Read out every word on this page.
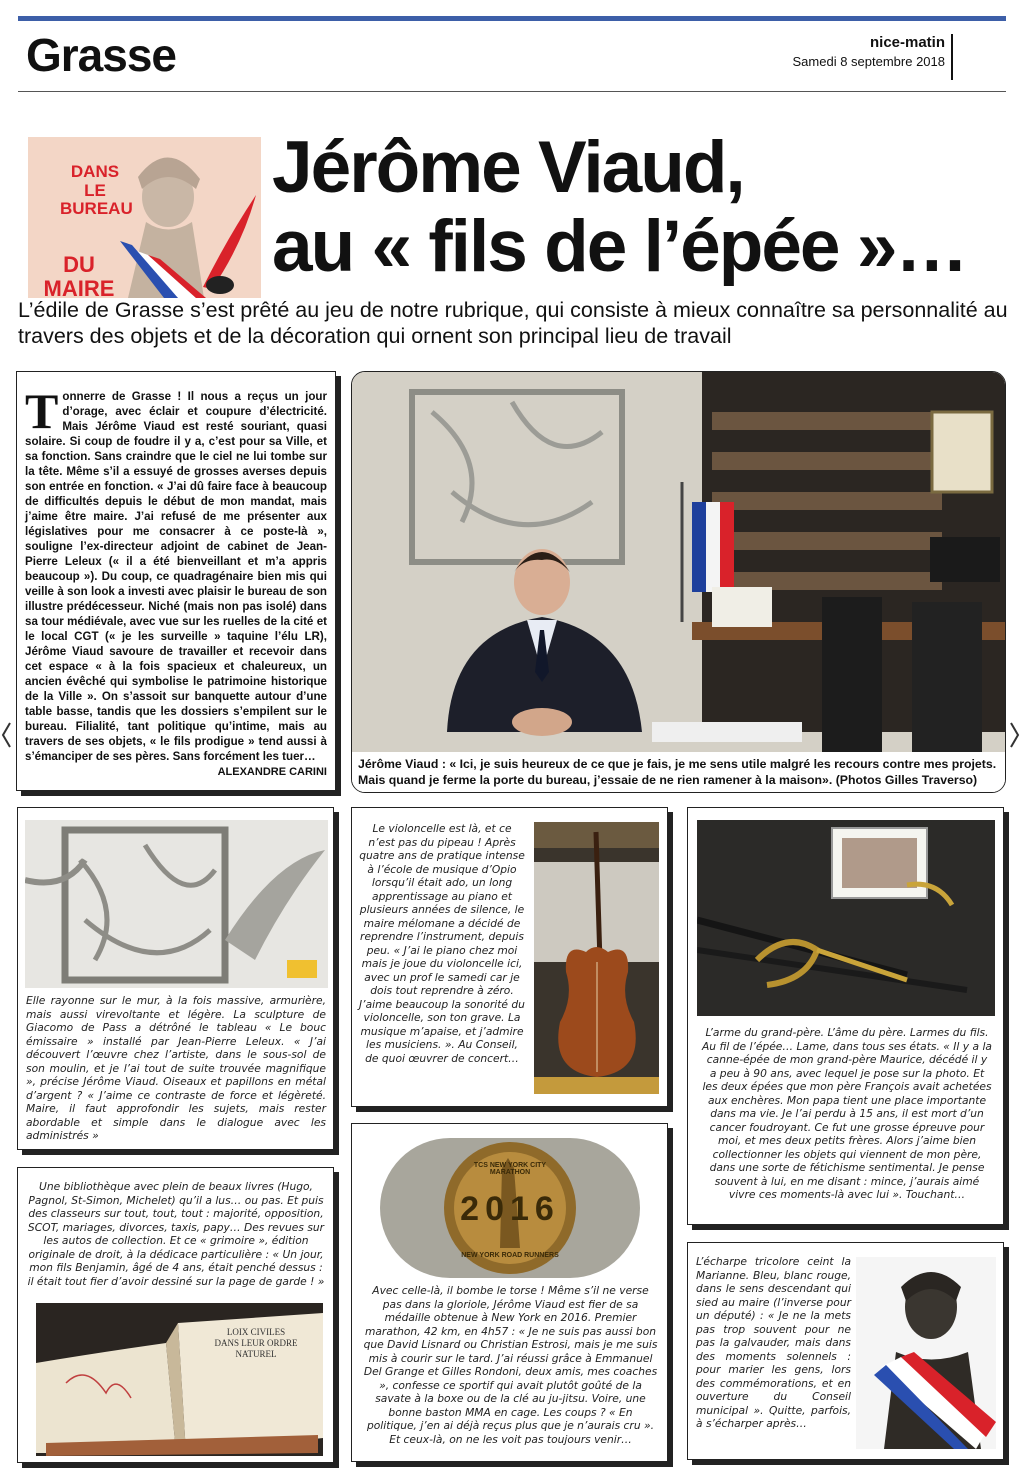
Grasse	nice-matin
Samedi 8 septembre 2018
DANS LE BUREAU
DU MAIRE
Jérôme Viaud,
au « fils de l’épée »…
L’édile de Grasse s’est prêté au jeu de notre rubrique, qui consiste à mieux connaître sa personnalité au travers des objets et de la décoration qui ornent son principal lieu de travail
T onnerre de Grasse ! Il nous a reçus un jour d’orage, avec éclair et coupure d’électricité. Mais Jérôme Viaud est resté souriant, quasi solaire. Si coup de foudre il y a, c’est pour sa Ville, et sa fonction. Sans craindre que le ciel ne lui tombe sur la tête. Même s’il a essuyé de grosses averses depuis son entrée en fonction. « J’ai dû faire face à beaucoup de difficultés depuis le début de mon mandat, mais j’aime être maire. J’ai refusé de me présenter aux législatives pour me consacrer à ce poste-là », souligne l’ex-directeur adjoint de cabinet de Jean-Pierre Leleux (« il a été bienveillant et m’a appris beaucoup »). Du coup, ce quadragénaire bien mis qui veille à son look a investi avec plaisir le bureau de son illustre prédécesseur. Niché (mais non pas isolé) dans sa tour médiévale, avec vue sur les ruelles de la cité et le local CGT (« je les surveille » taquine l’élu LR), Jérôme Viaud savoure de travailler et recevoir dans cet espace « à la fois spacieux et chaleureux, un ancien évêché qui symbolise le patrimoine historique de la Ville ». On s’assoit sur banquette autour d’une table basse, tandis que les dossiers s’empilent sur le bureau. Filialité, tant politique qu’intime, mais au travers de ses objets, « le fils prodigue » tend aussi à s’émanciper de ses pères. Sans forcément les tuer…
ALEXANDRE CARINI
Jérôme Viaud : « Ici, je suis heureux de ce que je fais, je me sens utile malgré les recours contre mes projets. Mais quand je ferme la porte du bureau, j’essaie de ne rien ramener à la maison». (Photos Gilles Traverso)
Elle rayonne sur le mur, à la fois massive, armurière, mais aussi virevoltante et légère. La sculpture de Giacomo de Pass a détrôné le tableau « Le bouc émissaire » installé par Jean-Pierre Leleux. « J’ai découvert l’œuvre chez l’artiste, dans le sous-sol de son moulin, et je l’ai tout de suite trouvée magnifique », précise Jérôme Viaud. Oiseaux et papillons en métal d’argent ? « J’aime ce contraste de force et légèreté. Maire, il faut approfondir les sujets, mais rester abordable et simple dans le dialogue avec les administrés »
Le violoncelle est là, et ce n’est pas du pipeau ! Après quatre ans de pratique intense à l’école de musique d’Opio lorsqu’il était ado, un long apprentissage au piano et plusieurs années de silence, le maire mélomane a décidé de reprendre l’instrument, depuis peu. « J’ai le piano chez moi mais je joue du violoncelle ici, avec un prof le samedi car je dois tout reprendre à zéro. J’aime beaucoup la sonorité du violoncelle, son ton grave. La musique m’apaise, et j’admire les musiciens. ». Au Conseil, de quoi œuvrer de concert…
L’arme du grand-père. L’âme du père. Larmes du fils. Au fil de l’épée… Lame, dans tous ses états. « Il y a la canne-épée de mon grand-père Maurice, décédé il y a peu à 90 ans, avec lequel je pose sur la photo. Et les deux épées que mon père François avait achetées aux enchères. Mon papa tient une place importante dans ma vie. Je l’ai perdu à 15 ans, il est mort d’un cancer foudroyant. Ce fut une grosse épreuve pour moi, et mes deux petits frères. Alors j’aime bien collectionner les objets qui viennent de mon père, dans une sorte de fétichisme sentimental. Je pense souvent à lui, en me disant : mince, j’aurais aimé vivre ces moments-là avec lui ». Touchant…
Une bibliothèque avec plein de beaux livres (Hugo, Pagnol, St-Simon, Michelet) qu’il a lus… ou pas. Et puis des classeurs sur tout, tout, tout : majorité, opposition, SCOT, mariages, divorces, taxis, papy… Des revues sur les autos de collection. Et ce « grimoire », édition originale de droit, à la dédicace particulière : « Un jour, mon fils Benjamin, âgé de 4 ans, était penché dessus : il était tout fier d’avoir dessiné sur la page de garde ! »
LOIX CIVILES
DANS LEUR ORDRE NATUREL
TCS NEW YORK CITY MARATHON
2016
NEW YORK ROAD RUNNERS
Avec celle-là, il bombe le torse ! Même s’il ne verse pas dans la gloriole, Jérôme Viaud est fier de sa médaille obtenue à New York en 2016. Premier marathon, 42 km, en 4h57 : « Je ne suis pas aussi bon que David Lisnard ou Christian Estrosi, mais je me suis mis à courir sur le tard. J’ai réussi grâce à Emmanuel Del Grange et Gilles Rondoni, deux amis, mes coaches », confesse ce sportif qui avait plutôt goûté de la savate à la boxe ou de la clé au ju-jitsu. Voire, une bonne baston MMA en cage. Les coups ? « En politique, j’en ai déjà reçus plus que je n’aurais cru ». Et ceux-là, on ne les voit pas toujours venir…
L’écharpe tricolore ceint la Marianne. Bleu, blanc rouge, dans le sens descendant qui sied au maire (l’inverse pour un député) : « Je ne la mets pas trop souvent pour ne pas la galvauder, mais dans des moments solennels : pour marier les gens, lors des commémorations, et en ouverture du Conseil municipal ». Quitte, parfois, à s’écharper après…
